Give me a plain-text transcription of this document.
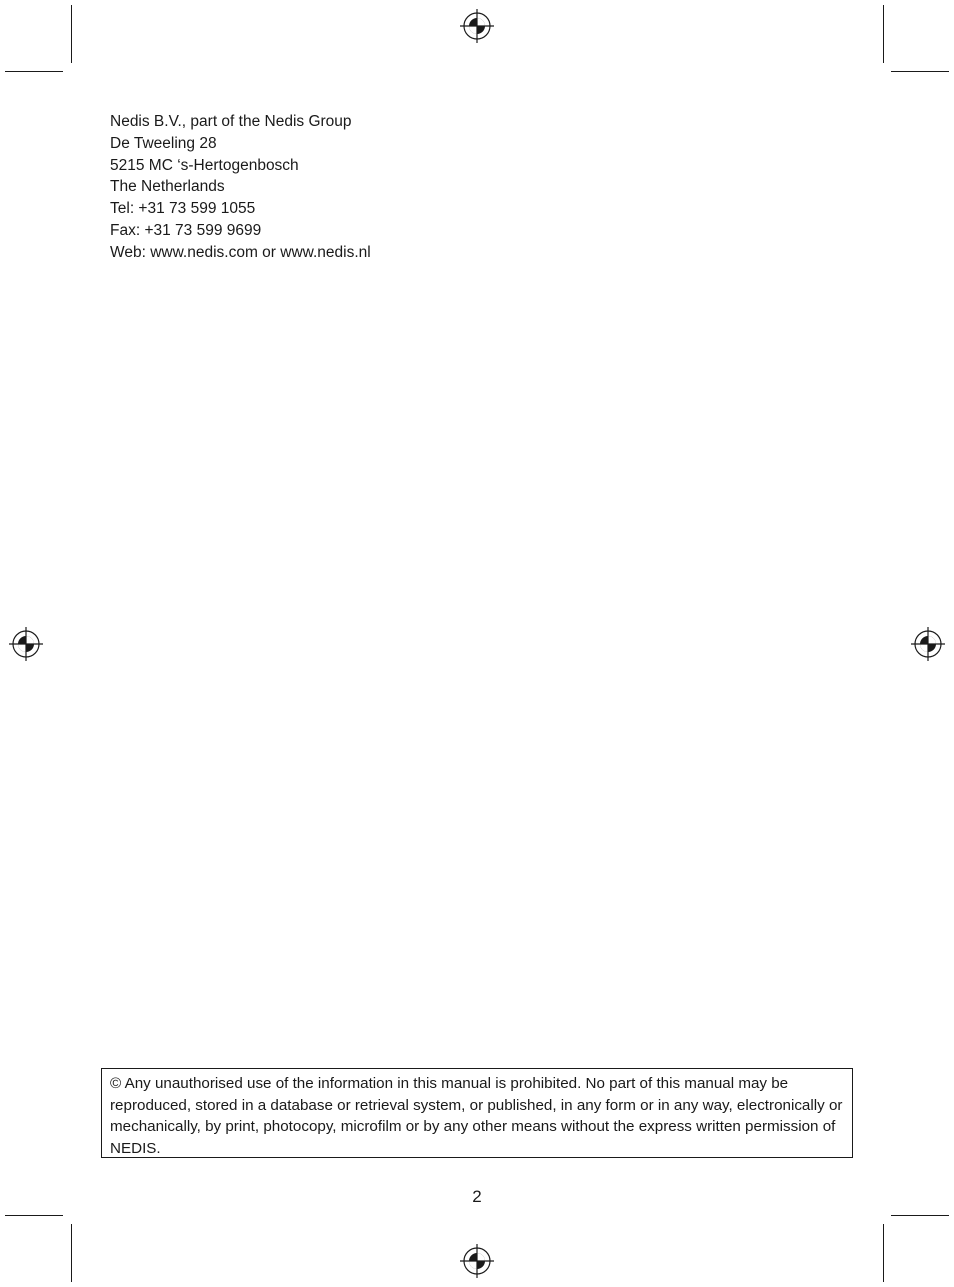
Nedis B.V., part of the Nedis Group
De Tweeling 28
5215 MC ‘s-Hertogenbosch
The Netherlands
Tel: +31 73 599 1055
Fax: +31 73 599 9699
Web: www.nedis.com or www.nedis.nl
© Any unauthorised use of the information in this manual is prohibited. No part of this manual may be reproduced, stored in a database or retrieval system, or published, in any form or in any way, electronically or mechanically, by print, photocopy, microfilm or by any other means without the express written permission of NEDIS.
2
